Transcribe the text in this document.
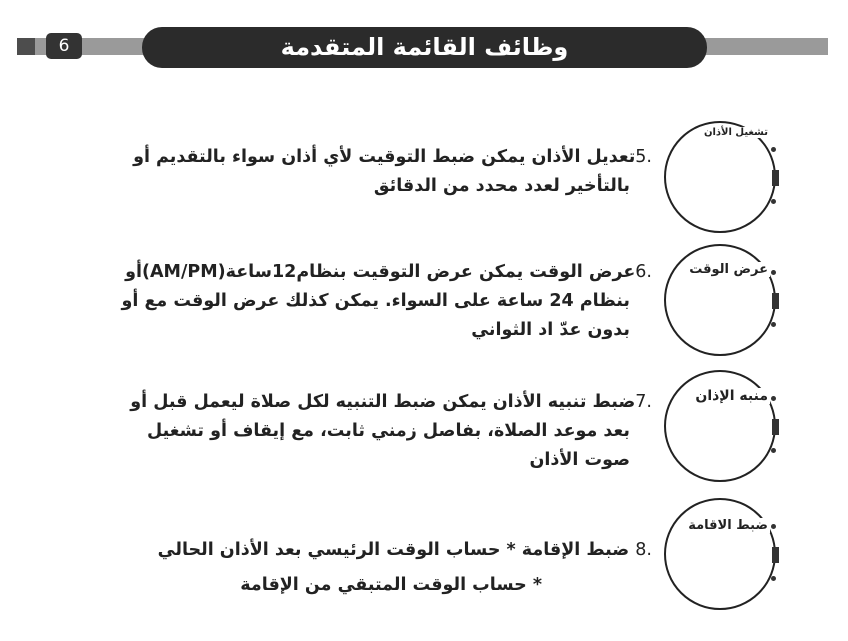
6	وظائف القائمة المتقدمة
.5تعديل الأذان يمكن ضبط التوقيت لأي أذان سواء بالتقديم أو
بالتأخير لعدد محدد من الدقائق
تشغيل الأذان
.6عرض الوقت يمكن عرض التوقيت بنظام12ساعة(AM/PM)أو
بنظام 24 ساعة على السواء. يمكن كذلك عرض الوقت مع أو
بدون عدّ اد الثواني
عرض الوقت
.7ضبط تنبيه الأذان يمكن ضبط التنبيه لكل صلاة ليعمل قبل أو
بعد موعد الصلاة، بفاصل زمني ثابت، مع إيقاف أو تشغيل
صوت الأذان
منبه الإذان
.8 ضبط الإقامة * حساب الوقت الرئيسي بعد الأذان الحالي
* حساب الوقت المتبقي من الإقامة
ضبط الاقامة
